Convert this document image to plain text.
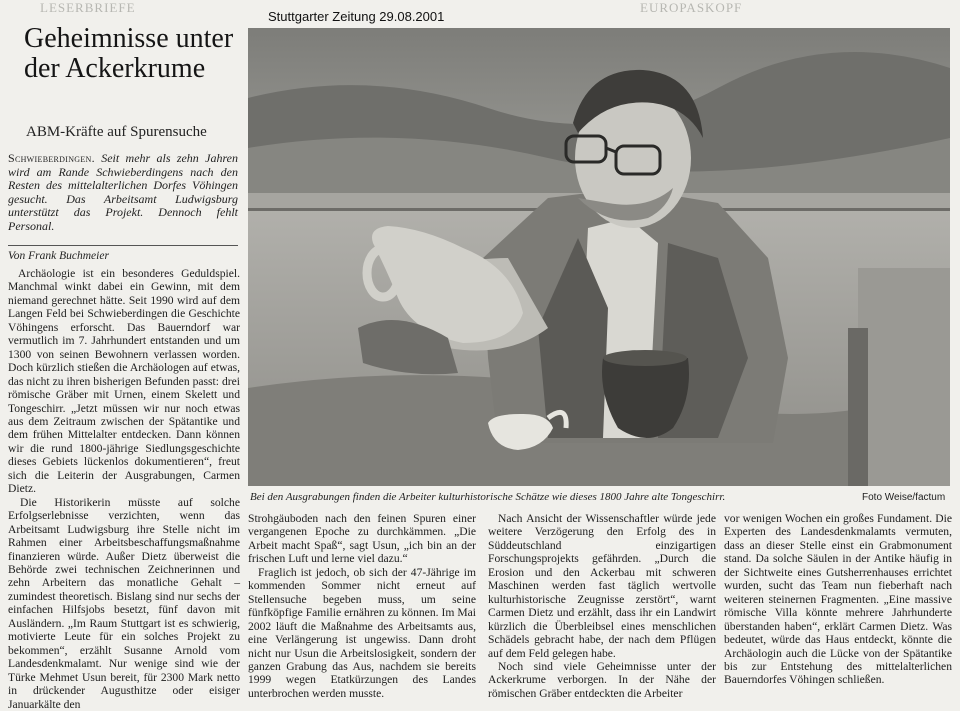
LESERBRIEFE	EUROPASKOPF
Stuttgarter Zeitung 29.08.2001
Geheimnisse unter der Ackerkrume
ABM-Kräfte auf Spurensuche
Schwieberdingen. Seit mehr als zehn Jahren wird am Rande Schwieberdingens nach den Resten des mittelalterlichen Dorfes Vöhingen gesucht. Das Arbeitsamt Ludwigsburg unterstützt das Projekt. Dennoch fehlt Personal.
Von Frank Buchmeier

Archäologie ist ein besonderes Geduldspiel. Manchmal winkt dabei ein Gewinn, mit dem niemand gerechnet hätte. Seit 1990 wird auf dem Langen Feld bei Schwieberdingen die Geschichte Vöhingens erforscht. Das Bauerndorf war vermutlich im 7. Jahrhundert entstanden und um 1300 von seinen Bewohnern verlassen worden. Doch kürzlich stießen die Archäologen auf etwas, das nicht zu ihren bisherigen Befunden passt: drei römische Gräber mit Urnen, einem Skelett und Tongeschirr. „Jetzt müssen wir nur noch etwas aus dem Zeitraum zwischen der Spätantike und dem frühen Mittelalter entdecken. Dann können wir die rund 1800-jährige Siedlungsgeschichte dieses Gebiets lückenlos dokumentieren“, freut sich die Leiterin der Ausgrabungen, Carmen Dietz.

Die Historikerin müsste auf solche Erfolgserlebnisse verzichten, wenn das Arbeitsamt Ludwigsburg ihre Stelle nicht im Rahmen einer Arbeitsbeschaffungsmaßnahme finanzieren würde. Außer Dietz überweist die Behörde zwei technischen Zeichnerinnen und zehn Arbeitern das monatliche Gehalt – zumindest theoretisch. Bislang sind nur sechs der einfachen Hilfsjobs besetzt, fünf davon mit Ausländern. „Im Raum Stuttgart ist es schwierig, motivierte Leute für ein solches Projekt zu bekommen“, erzählt Susanne Arnold vom Landesdenkmalamt. Nur wenige sind wie der Türke Mehmet Usun bereit, für 2300 Mark netto in drückender Augusthitze oder eisiger Januarkälte den

Bei den Ausgrabungen finden die Arbeiter kulturhistorische Schätze wie dieses 1800 Jahre alte Tongeschirr.	Foto Weise/factum

Strohgäuboden nach den feinen Spuren einer vergangenen Epoche zu durchkämmen. „Die Arbeit macht Spaß“, sagt Usun, „ich bin an der frischen Luft und lerne viel dazu.“

Fraglich ist jedoch, ob sich der 47-Jährige im kommenden Sommer nicht erneut auf Stellensuche begeben muss, um seine fünfköpfige Familie ernähren zu können. Im Mai 2002 läuft die Maßnahme des Arbeitsamts aus, eine Verlängerung ist ungewiss. Dann droht nicht nur Usun die Arbeitslosigkeit, sondern der ganzen Grabung das Aus, nachdem sie bereits 1999 wegen Etatkürzungen des Landes unterbrochen werden musste.

Nach Ansicht der Wissenschaftler würde jede weitere Verzögerung den Erfolg des in Süddeutschland einzigartigen Forschungsprojekts gefährden. „Durch die Erosion und den Ackerbau mit schweren Maschinen werden fast täglich wertvolle kulturhistorische Zeugnisse zerstört“, warnt Carmen Dietz und erzählt, dass ihr ein Landwirt kürzlich die Überbleibsel eines menschlichen Schädels gebracht habe, der nach dem Pflügen auf dem Feld gelegen habe.

Noch sind viele Geheimnisse unter der Ackerkrume verborgen. In der Nähe der römischen Gräber entdeckten die Arbeiter

vor wenigen Wochen ein großes Fundament. Die Experten des Landesdenkmalamts vermuten, dass an dieser Stelle einst ein Grabmonument stand. Da solche Säulen in der Antike häufig in der Sichtweite eines Gutsherrenhauses errichtet wurden, sucht das Team nun fieberhaft nach weiteren steinernen Fragmenten. „Eine massive römische Villa könnte mehrere Jahrhunderte überstanden haben“, erklärt Carmen Dietz. Was bedeutet, würde das Haus entdeckt, könnte die Archäologin auch die Lücke von der Spätantike bis zur Entstehung des mittelalterlichen Bauerndorfes Vöhingen schließen.
